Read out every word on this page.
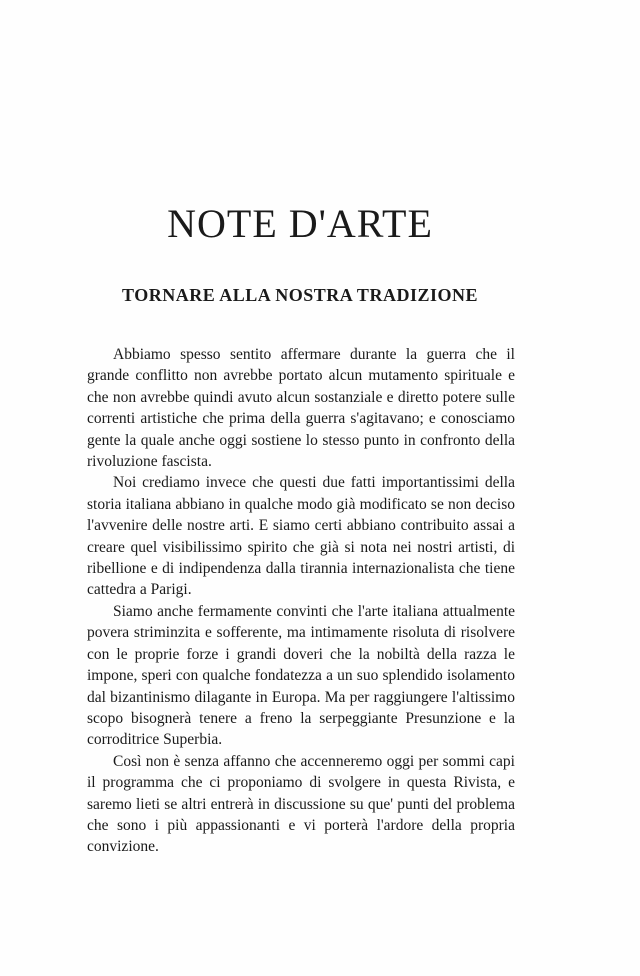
NOTE D'ARTE
TORNARE ALLA NOSTRA TRADIZIONE

Abbiamo spesso sentito affermare durante la guerra che il grande conflitto non avrebbe portato alcun mutamento spirituale e che non avrebbe quindi avuto alcun sostanziale e diretto potere sulle correnti artistiche che prima della guerra s'agitavano; e conosciamo gente la quale anche oggi sostiene lo stesso punto in confronto della rivoluzione fascista.

Noi crediamo invece che questi due fatti importantissimi della storia italiana abbiano in qualche modo già modificato se non deciso l'avvenire delle nostre arti. E siamo certi abbiano contribuito assai a creare quel visibilissimo spirito che già si nota nei nostri artisti, di ribellione e di indipendenza dalla tirannia internazionalista che tiene cattedra a Parigi.

Siamo anche fermamente convinti che l'arte italiana attualmente povera striminzita e sofferente, ma intimamente risoluta di risolvere con le proprie forze i grandi doveri che la nobiltà della razza le impone, speri con qualche fondatezza a un suo splendido isolamento dal bizantinismo dilagante in Europa. Ma per raggiungere l'altissimo scopo bisognerà tenere a freno la serpeggiante Presunzione e la corroditrice Superbia.

Così non è senza affanno che accenneremo oggi per sommi capi il programma che ci proponiamo di svolgere in questa Rivista, e saremo lieti se altri entrerà in discussione su que' punti del problema che sono i più appassionanti e vi porterà l'ardore della propria convizione.
